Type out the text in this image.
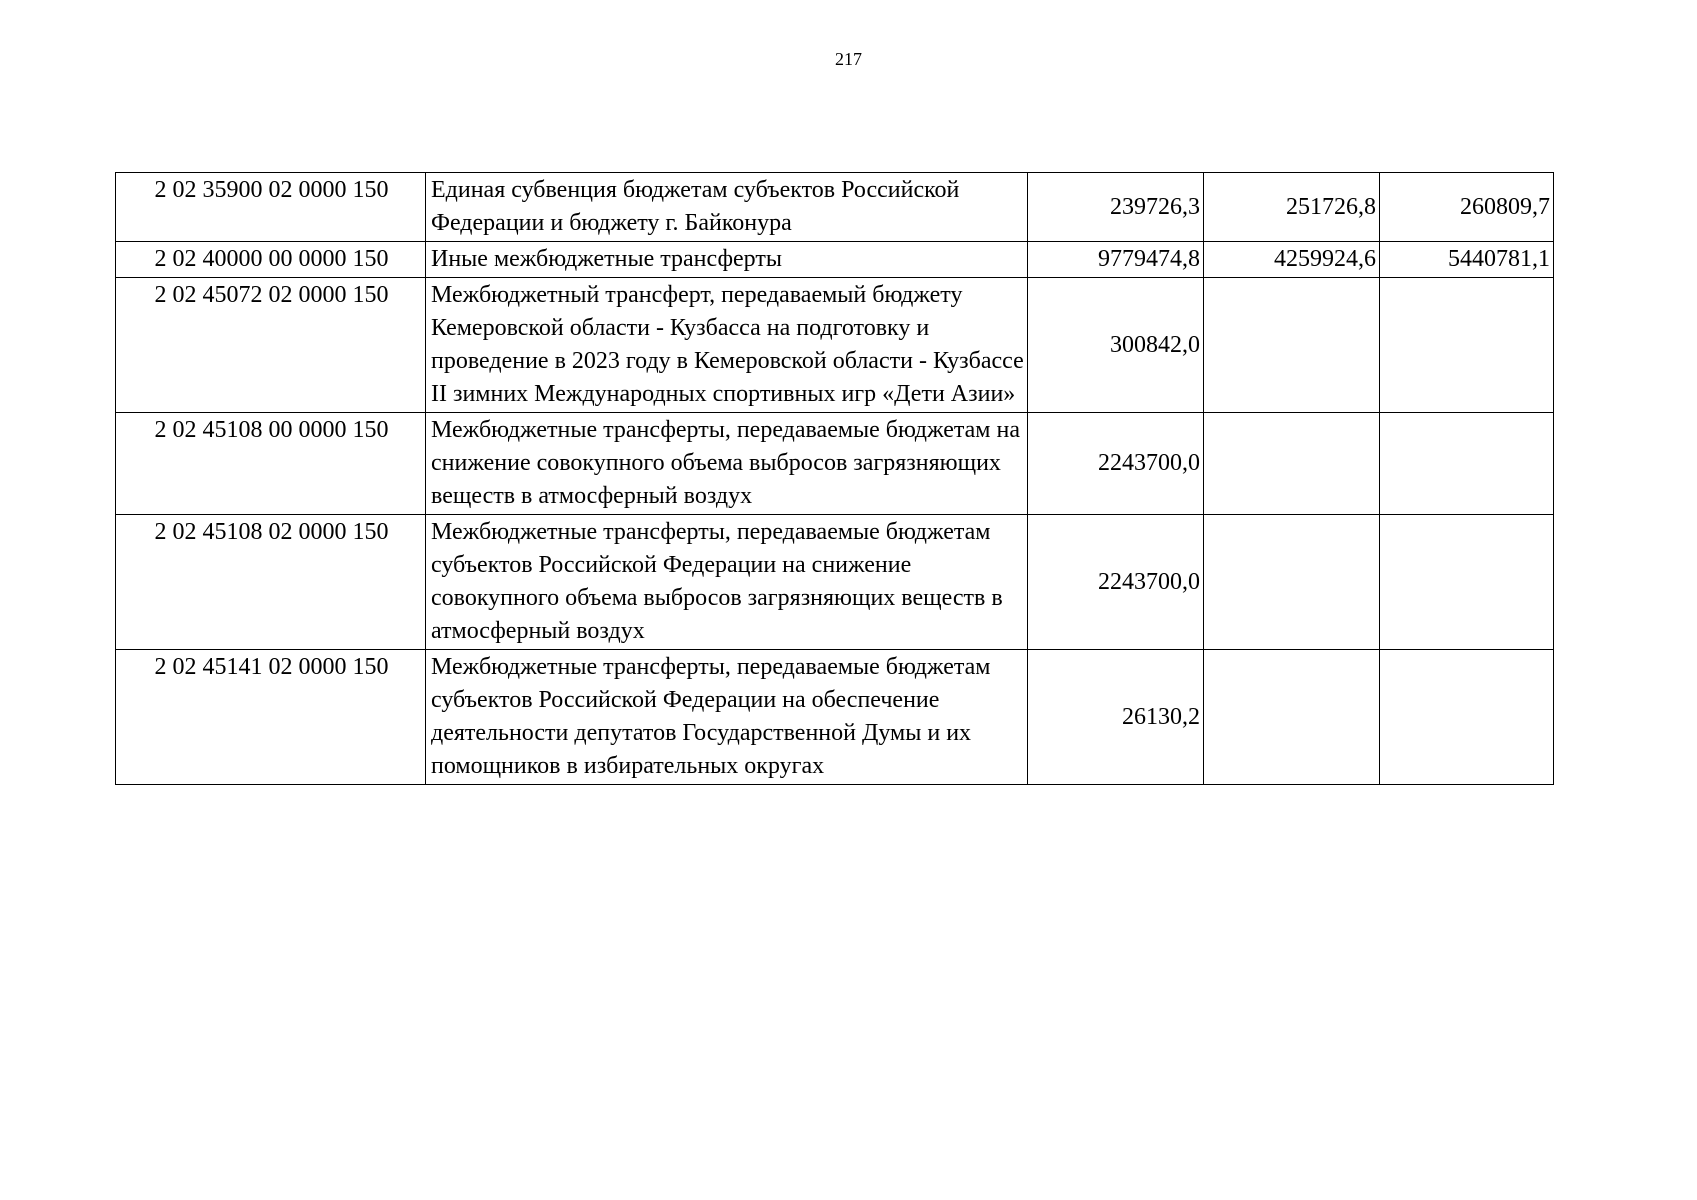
217
2 02 35900 02 0000 150	Единая субвенция бюджетам субъектов Российской Федерации и бюджету г. Байконура	239726,3	251726,8	260809,7
2 02 40000 00 0000 150	Иные межбюджетные трансферты	9779474,8	4259924,6	5440781,1
2 02 45072 02 0000 150	Межбюджетный трансферт, передаваемый бюджету Кемеровской области - Кузбасса на подготовку и проведение в 2023 году в Кемеровской области - Кузбассе II зимних Международных спортивных игр «Дети Азии»	300842,0		
2 02 45108 00 0000 150	Межбюджетные трансферты, передаваемые бюджетам на снижение совокупного объема выбросов загрязняющих веществ в атмосферный воздух	2243700,0		
2 02 45108 02 0000 150	Межбюджетные трансферты, передаваемые бюджетам субъектов Российской Федерации на снижение совокупного объема выбросов загрязняющих веществ в атмосферный воздух	2243700,0		
2 02 45141 02 0000 150	Межбюджетные трансферты, передаваемые бюджетам субъектов Российской Федерации на обеспечение деятельности депутатов Государственной Думы и их помощников в избирательных округах	26130,2		
